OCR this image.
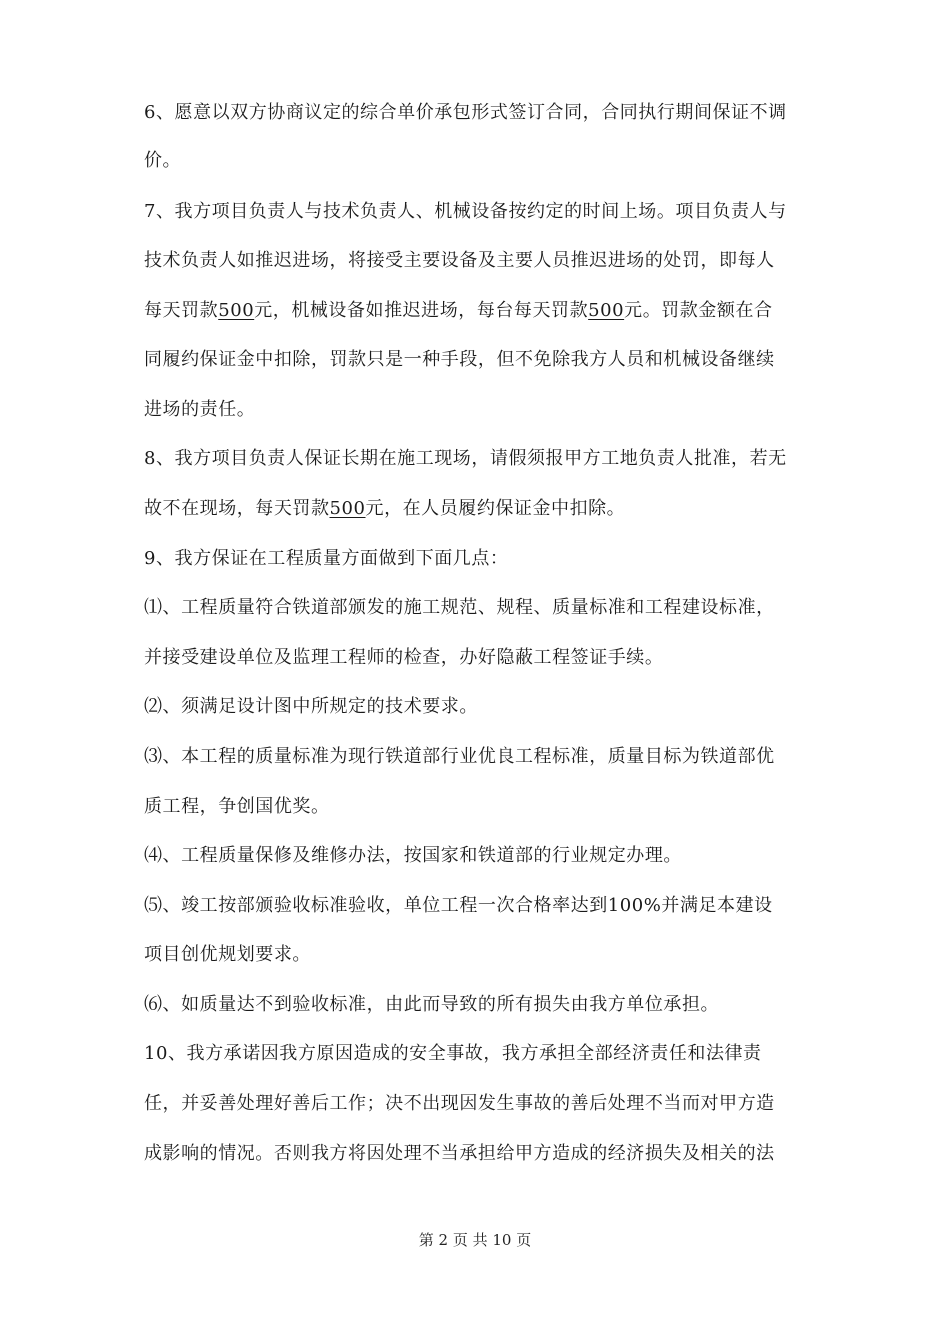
6、愿意以双方协商议定的综合单价承包形式签订合同，合同执行期间保证不调
价。
7、我方项目负责人与技术负责人、机械设备按约定的时间上场。项目负责人与
技术负责人如推迟进场，将接受主要设备及主要人员推迟进场的处罚，即每人
每天罚款500元，机械设备如推迟进场，每台每天罚款500元。罚款金额在合
同履约保证金中扣除，罚款只是一种手段，但不免除我方人员和机械设备继续
进场的责任。
8、我方项目负责人保证长期在施工现场，请假须报甲方工地负责人批准，若无
故不在现场，每天罚款500元，在人员履约保证金中扣除。
9、我方保证在工程质量方面做到下面几点：
⑴、工程质量符合铁道部颁发的施工规范、规程、质量标准和工程建设标准，
并接受建设单位及监理工程师的检查，办好隐蔽工程签证手续。
⑵、须满足设计图中所规定的技术要求。
⑶、本工程的质量标准为现行铁道部行业优良工程标准，质量目标为铁道部优
质工程，争创国优奖。
⑷、工程质量保修及维修办法，按国家和铁道部的行业规定办理。
⑸、竣工按部颁验收标准验收，单位工程一次合格率达到100%并满足本建设
项目创优规划要求。
⑹、如质量达不到验收标准，由此而导致的所有损失由我方单位承担。
10、我方承诺因我方原因造成的安全事故，我方承担全部经济责任和法律责
任，并妥善处理好善后工作；决不出现因发生事故的善后处理不当而对甲方造
成影响的情况。否则我方将因处理不当承担给甲方造成的经济损失及相关的法
第 2 页 共 10 页
